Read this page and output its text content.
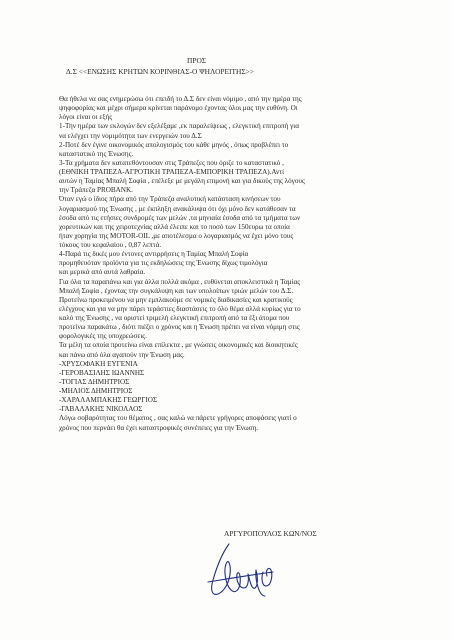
ΠΡΟΣ
Δ.Σ <<ΕΝΩΣΗΣ ΚΡΗΤΩΝ ΚΟΡΙΝΘΙΑΣ-Ο ΨΗΛΟΡΕΙΤΗΣ>>
Θα ήθελα να σας ενημερώσω ότι επειδή το Δ.Σ δεν είναι νόμιμο , από την ημέρα της
ψηφοφορίας και μέχρι σήμερα κρίνεται παράνομο έχοντας όλοι μας την ευθύνη. Οι
λόγοι είναι οι εξής
1-Την ημέρα των εκλογών δεν εξελέξαμε ,εκ παραλείψεως , ελεγκτική επιτροπή για
να ελέγχει την νομιμότητα των ενεργειών του Δ.Σ
2-Ποτέ δεν έγινε οικονομικός απολογισμός του κάθε μηνός , όπως προβλέπει το
καταστατικό της Ένωσης.
3-Τα χρήματα δεν κατατεθόντουσαν στις Τράπεζες που όριζε το καταστατικό ,
(ΕΘΝΙΚΗ ΤΡΑΠΕΖΑ-ΑΓΡΟΤΙΚΗ ΤΡΑΠΕΖΑ-ΕΜΠΟΡΙΚΗ ΤΡΑΠΕΖΑ).Αντί
αυτών η Ταμίας Μπαλή Σοφία , επέλεξε με μεγάλη επιμονή και για δικούς της λόγους
την Τράπεζα PROBANK.
Όταν εγώ ο ίδιος πήρα από την Τράπεζα αναλυτική κατάσταση κινήσεων του
λογαριασμού της Ένωσης , με έκπληξη ανακάλυψα ότι όχι μόνο δεν κατάθεσαν τα
έσοδα από τις ετήσιες συνδρομές των μελών ,τα μηνιαία έσοδα από τα τμήματα των
χορευτικών και της χειροτεχνίας αλλά έλειπε και το ποσό των 150ευρω τα οποία
ήταν χορηγία της MOTOR-OIL ,με αποτέλεσμα ο λογαριασμός να έχει μόνο τους
τόκους του κεφαλαίου , 0,87 λεπτά.
4-Παρά τις δικές μου έντονες αντιρρήσεις η Ταμίας Μπαλή Σοφία
προμηθευόταν προϊόντα για τις εκδηλώσεις της Ένωσης δίχως τιμολόγια
και μερικά από αυτά λαθραία.
Για όλα τα παραπάνω και για άλλα πολλά ακόμα , ευθύνεται αποκλειστικά η Ταμίας
Μπαλή Σοφία , έχοντας την συγκάλυψη και των υπολοίπων τριών μελών του Δ.Σ.
Προτείνω προκειμένου να μην εμπλακούμε σε νομικές διαδικασίες και κρατικούς
ελέγχους και για να μην πάρει τεράστιες διαστάσεις το όλο θέμα αλλά κυρίως για το
καλό της Ένωσης , να οριστεί τριμελή ελεγκτική επιτροπή από τα έξι άτομα που
προτείνω παρακάτω , διότι πιέζει ο χρόνος και η Ένωση πρέπει να είναι νόμιμη στις
φορολογικές της υποχρεώσεις.
Τα μέλη τα οποία προτείνω είναι επίλεκτα , με γνώσεις οικονομικές και διοικητικές
και πάνω από όλα αγαπούν την Ένωση μας.
-ΧΡΥΣΟΦΑΚΗ ΕΥΓΕΝΙΑ
-ΓΕΡΟΒΑΣΙΛΗΣ ΙΩΑΝΝΗΣ
-ΤΟΓΙΑΣ ΔΗΜΗΤΡΙΟΣ
-ΜΗΛΙΟΣ ΔΗΜΗΤΡΙΟΣ
-ΧΑΡΑΛΑΜΠΑΚΗΣ ΓΕΩΡΓΙΟΣ
-ΓΑΒΑΛΑΚΗΣ ΝΙΚΟΛΑΟΣ
Λόγω σοβαρότητας του θέματος , σας καλώ να πάρετε γρήγορες αποφάσεις γιατί ο
χρόνος που περνάει θα έχει καταστροφικές συνέπειες για την Ένωση.
ΑΡΓΥΡΟΠΟΥΛΟΣ ΚΩΝ/ΝΟΣ
